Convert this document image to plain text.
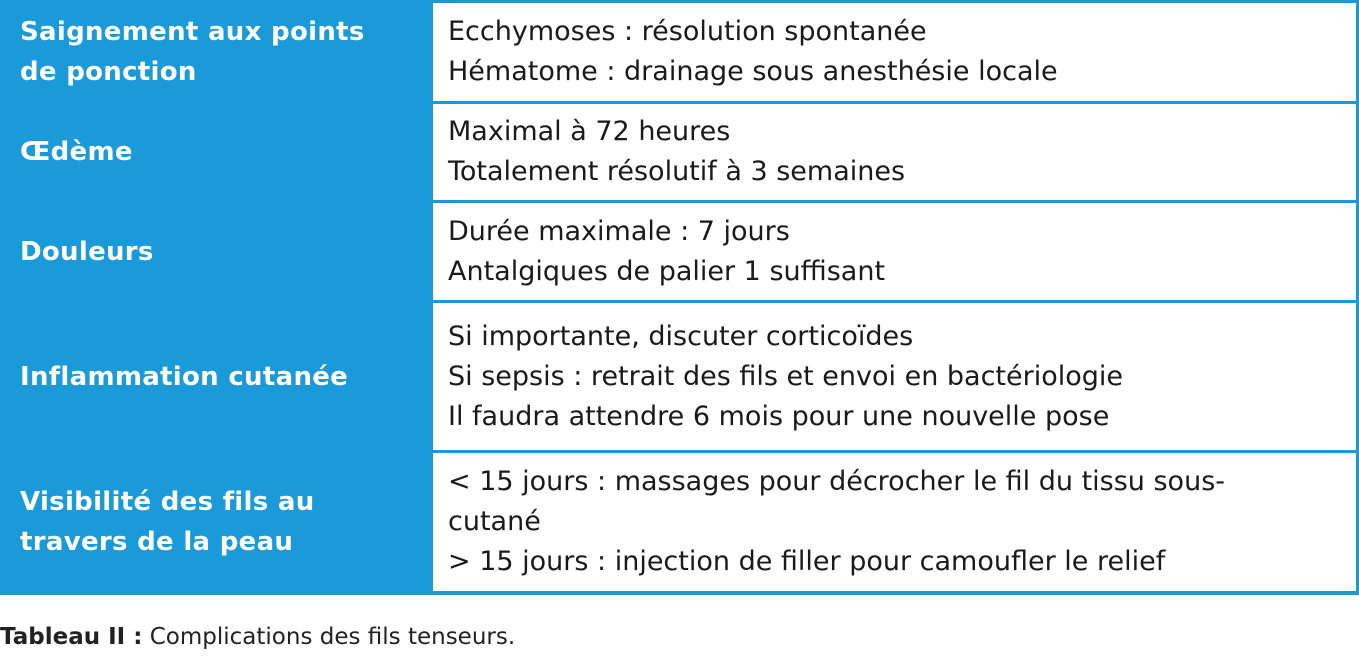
Saignement aux points
de ponction
Ecchymoses : résolution spontanée
Hématome : drainage sous anesthésie locale
Œdème
Maximal à 72 heures
Totalement résolutif à 3 semaines
Douleurs
Durée maximale : 7 jours
Antalgiques de palier 1 suffisant
Inflammation cutanée
Si importante, discuter corticoïdes
Si sepsis : retrait des fils et envoi en bactériologie
Il faudra attendre 6 mois pour une nouvelle pose
Visibilité des fils au
travers de la peau
< 15 jours : massages pour décrocher le fil du tissu sous-
cutané
> 15 jours : injection de filler pour camoufler le relief
Tableau II : Complications des fils tenseurs.
